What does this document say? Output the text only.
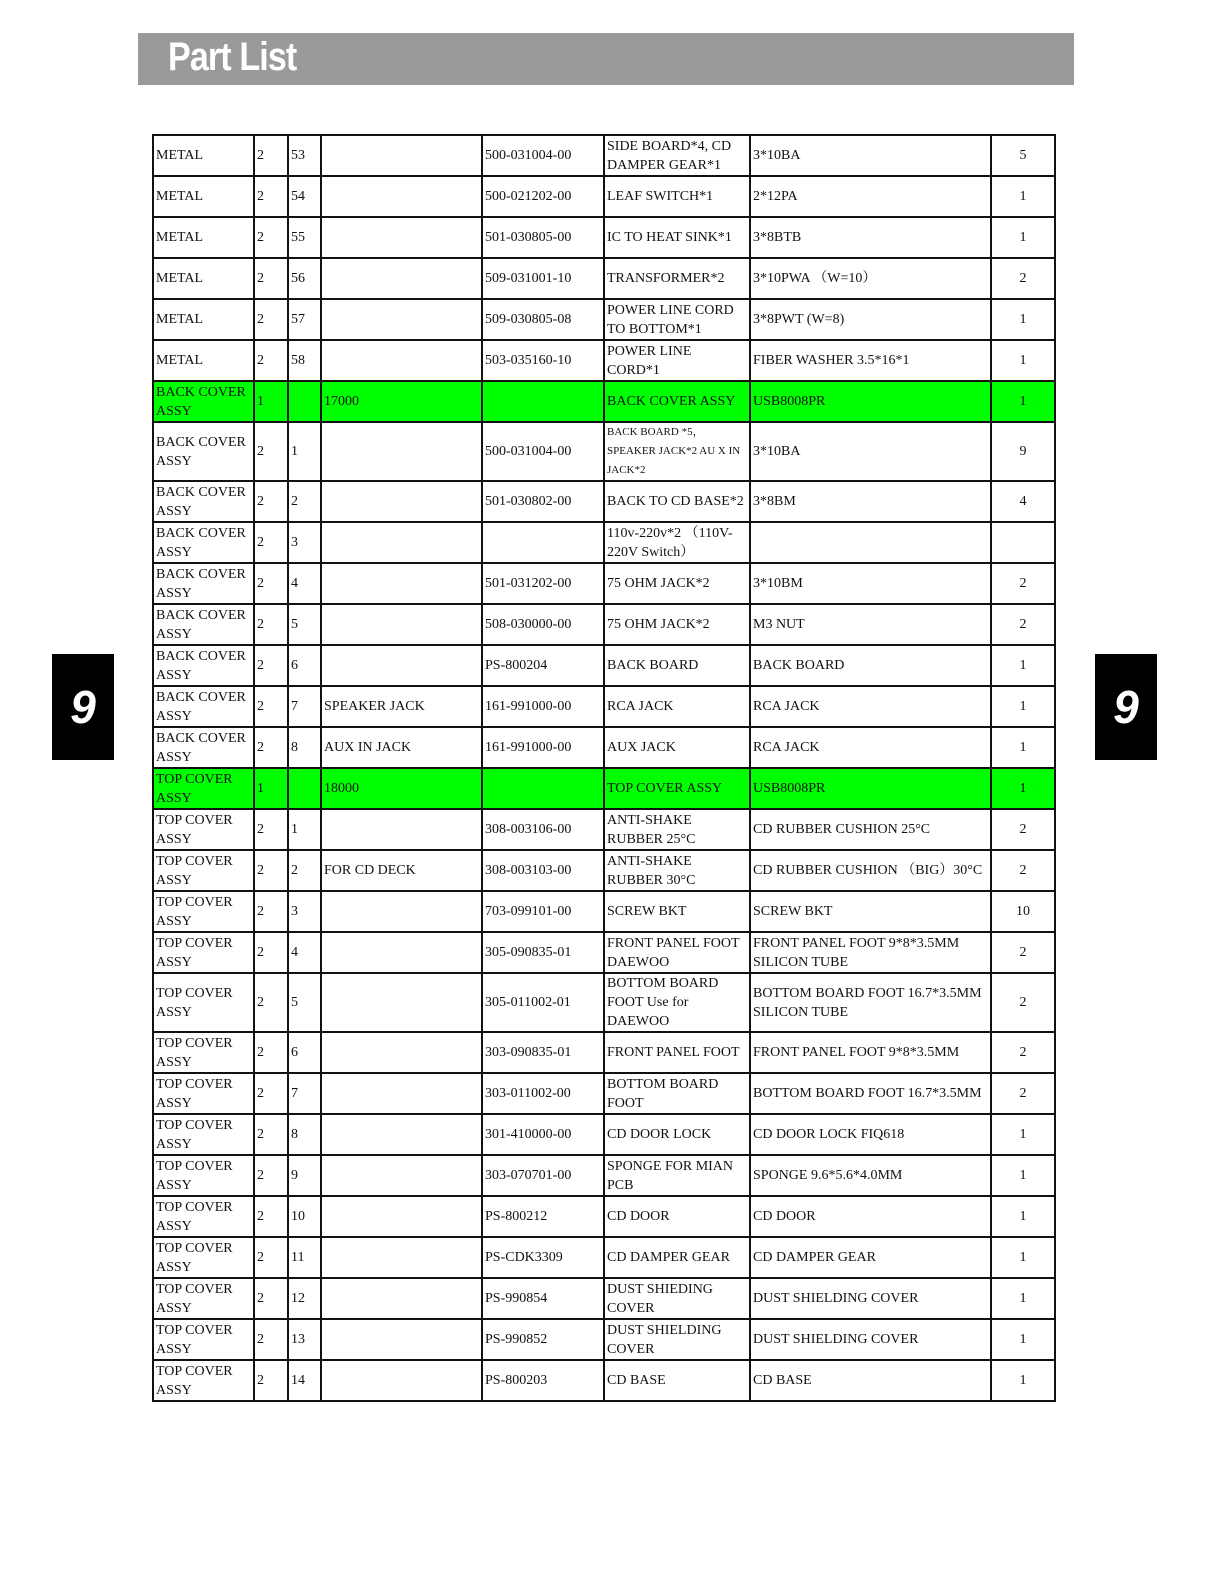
Part List
9	9
METAL	2	53		500-031004-00	SIDE BOARD*4, CD DAMPER GEAR*1	3*10BA	5
METAL	2	54		500-021202-00	LEAF SWITCH*1	2*12PA	1
METAL	2	55		501-030805-00	IC TO HEAT SINK*1	3*8BTB	1
METAL	2	56		509-031001-10	TRANSFORMER*2	3*10PWA （W=10）	2
METAL	2	57		509-030805-08	POWER LINE CORD TO BOTTOM*1	3*8PWT (W=8)	1
METAL	2	58		503-035160-10	POWER LINE CORD*1	FIBER WASHER 3.5*16*1	1
BACK COVER ASSY	1		17000		BACK COVER ASSY	USB8008PR	1
BACK COVER ASSY	2	1		500-031004-00	BACK BOARD *5， SPEAKER JACK*2 AU X IN JACK*2	3*10BA	9
BACK COVER ASSY	2	2		501-030802-00	BACK TO CD BASE*2	3*8BM	4
BACK COVER ASSY	2	3			110v-220v*2 （110V-220V Switch）		
BACK COVER ASSY	2	4		501-031202-00	75 OHM JACK*2	3*10BM	2
BACK COVER ASSY	2	5		508-030000-00	75 OHM JACK*2	M3 NUT	2
BACK COVER ASSY	2	6		PS-800204	BACK BOARD	BACK BOARD	1
BACK COVER ASSY	2	7	SPEAKER JACK	161-991000-00	RCA JACK	RCA JACK	1
BACK COVER ASSY	2	8	AUX IN JACK	161-991000-00	AUX JACK	RCA JACK	1
TOP COVER ASSY	1		18000		TOP COVER ASSY	USB8008PR	1
TOP COVER ASSY	2	1		308-003106-00	ANTI-SHAKE RUBBER 25°C	CD RUBBER CUSHION 25°C	2
TOP COVER ASSY	2	2	FOR CD DECK	308-003103-00	ANTI-SHAKE RUBBER 30°C	CD RUBBER CUSHION （BIG）30°C	2
TOP COVER ASSY	2	3		703-099101-00	SCREW BKT	SCREW BKT	10
TOP COVER ASSY	2	4		305-090835-01	FRONT PANEL FOOT DAEWOO	FRONT PANEL FOOT 9*8*3.5MM SILICON TUBE	2
TOP COVER ASSY	2	5		305-011002-01	BOTTOM BOARD FOOT Use for DAEWOO	BOTTOM BOARD FOOT 16.7*3.5MM SILICON TUBE	2
TOP COVER ASSY	2	6		303-090835-01	FRONT PANEL FOOT	FRONT PANEL FOOT 9*8*3.5MM	2
TOP COVER ASSY	2	7		303-011002-00	BOTTOM BOARD FOOT	BOTTOM BOARD FOOT 16.7*3.5MM	2
TOP COVER ASSY	2	8		301-410000-00	CD DOOR LOCK	CD DOOR LOCK FIQ618	1
TOP COVER ASSY	2	9		303-070701-00	SPONGE FOR MIAN PCB	SPONGE 9.6*5.6*4.0MM	1
TOP COVER ASSY	2	10		PS-800212	CD DOOR	CD DOOR	1
TOP COVER ASSY	2	11		PS-CDK3309	CD DAMPER GEAR	CD DAMPER GEAR	1
TOP COVER ASSY	2	12		PS-990854	DUST SHIEDING COVER	DUST SHIELDING COVER	1
TOP COVER ASSY	2	13		PS-990852	DUST SHIELDING COVER	DUST SHIELDING COVER	1
TOP COVER ASSY	2	14		PS-800203	CD BASE	CD BASE	1
